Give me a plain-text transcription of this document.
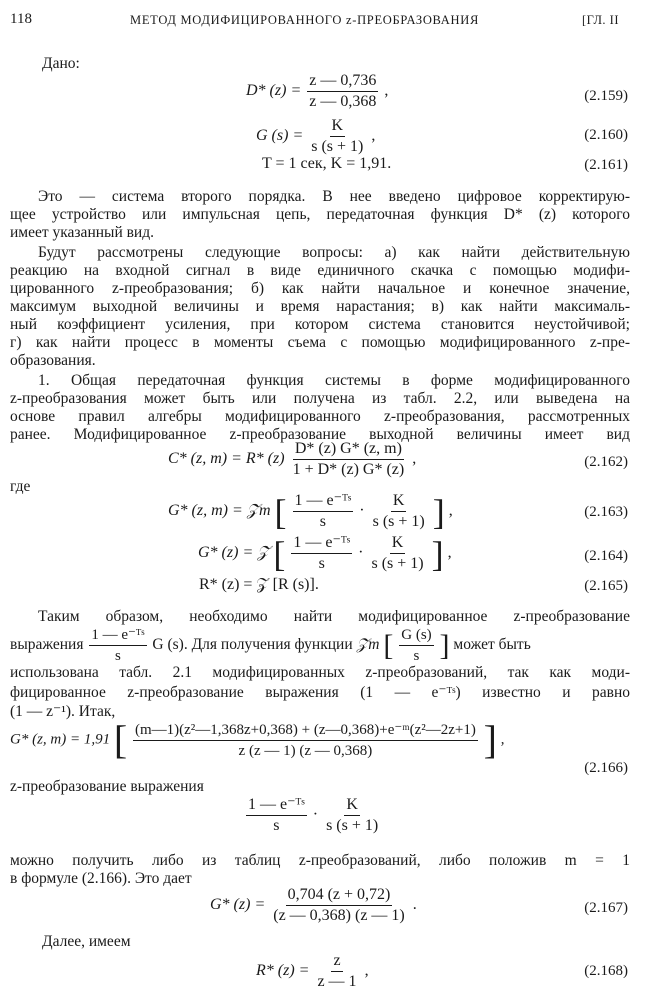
118	МЕТОД МОДИФИЦИРОВАННОГО z-ПРЕОБРАЗОВАНИЯ	[ГЛ. II
Дано:
D* $(z) = \frac{z — 0,736}{z — 0,368}$ ,	(2.159)
G $(s) = \frac{K}{s (s + 1)}$ ,	(2.160)
T = 1 сек, K = 1,91.	(2.161)
Это — система второго порядка. В нее введено цифровое корректирую-
щее устройство или импульсная цепь, передаточная функция D* (z) которого
имеет указанный вид.
Будут рассмотрены следующие вопросы: а) как найти действительную
реакцию на входной сигнал в виде единичного скачка с помощью модифи-
цированного z-преобразования; б) как найти начальное и конечное значение,
максимум выходной величины и время нарастания; в) как найти максималь-
ный коэффициент усиления, при котором система становится неустойчивой;
г) как найти процесс в моменты съема с помощью модифицированного z-пре-
образования.
1. Общая передаточная функция системы в форме модифицированного
z-преобразования может быть или получена из табл. 2.2, или выведена на
основе правил алгебры модифицированного z-преобразования, рассмотренных
ранее. Модифицированное z-преобразование выходной величины имеет вид
C* (z, m) = R* $(z) \frac{D* (z) G* (z, m)}{1 + D* (z) G* (z)}$ ,	(2.162)
где
G* (z, m) = 𝒵m [ $\frac{\text{1 — e⁻ᵀˢ}}{s} \cdot \frac{K}{s (s + 1)}$ ] ,	(2.163)
G* (z) = 𝒵 [ $\frac{\text{1 — e⁻ᵀˢ}}{s} \cdot \frac{K}{s (s + 1)}$ ] ,	(2.164)
R* (z) = 𝒵 [R (s)].	(2.165)
Таким образом, необходимо найти модифицированное z-преобразование
выражения $\frac{\text{1 — e⁻ᵀˢ}}{s}$ G (s). Для получения функции 𝒵m [ $\frac{G (s)}{s}$ ] может быть
использована табл. 2.1 модифицированных z-преобразований, так как моди-
фицированное z-преобразование выражения (1 — e⁻ᵀˢ) известно и равно
(1 — z⁻¹). Итак,
G* (z, m) = 1,91 [ $\frac{\text{(m—1)(z²—1,368z+0,368) + (z—0,368)+e⁻ᵐ(z²—2z+1)}}{z (z — 1) (z — 0,368)}$ ] ,
(2.166)
z-преобразование выражения
$\frac{\text{1 — e⁻ᵀˢ}}{s} \cdot \frac{K}{s (s + 1)}$
можно получить либо из таблиц z-преобразований, либо положив m = 1
в формуле (2.166). Это дает
G* $(z) = \frac{0,704 (z + 0,72)}{(z — 0,368) (z — 1)}$ .	(2.167)
Далее, имеем
R* $(z) = \frac{z}{z — 1}$ ,	(2.168)
